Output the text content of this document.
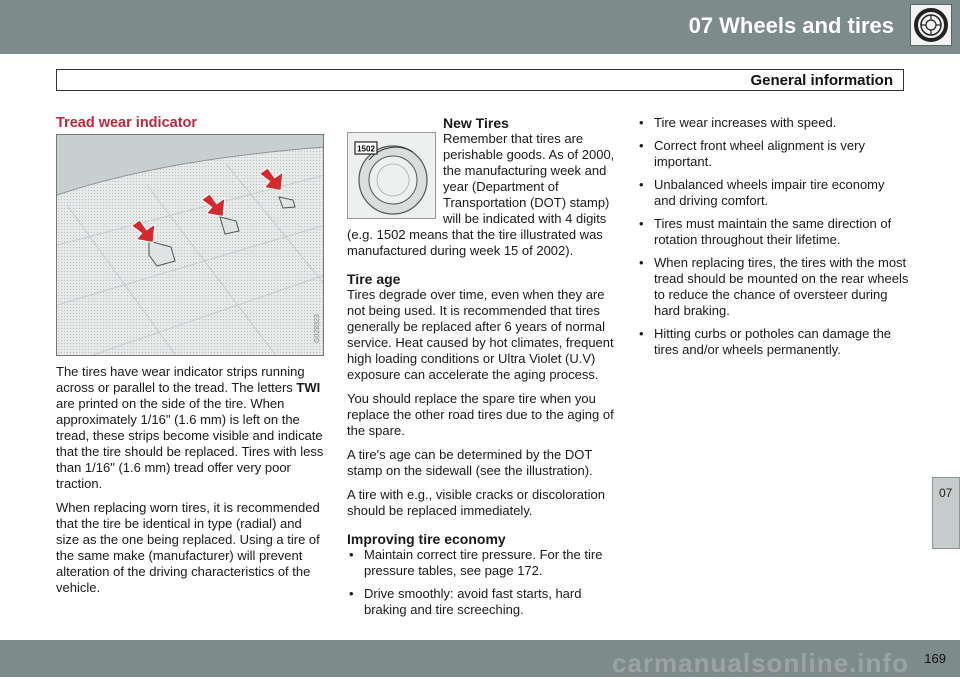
07 Wheels and tires
General information
Tread wear indicator
G028323

The tires have wear indicator strips running across or parallel to the tread. The letters TWI are printed on the side of the tire. When approximately 1/16" (1.6 mm) is left on the tread, these strips become visible and indicate that the tire should be replaced. Tires with less than 1/16" (1.6 mm) tread offer very poor traction.

When replacing worn tires, it is recommended that the tire be identical in type (radial) and size as the one being replaced. Using a tire of the same make (manufacturer) will prevent alteration of the driving characteristics of the vehicle.

1502
New Tires

Remember that tires are perishable goods. As of 2000, the manufacturing week and year (Department of Transportation (DOT) stamp) will be indicated with 4 digits (e.g. 1502 means that the tire illustrated was manufactured during week 15 of 2002).

Tire age

Tires degrade over time, even when they are not being used. It is recommended that tires generally be replaced after 6 years of normal service. Heat caused by hot climates, frequent high loading conditions or Ultra Violet (U.V) exposure can accelerate the aging process.

You should replace the spare tire when you replace the other road tires due to the aging of the spare.

A tire's age can be determined by the DOT stamp on the sidewall (see the illustration).

A tire with e.g., visible cracks or discoloration should be replaced immediately.

Improving tire economy
• Maintain correct tire pressure. For the tire pressure tables, see page 172.
• Drive smoothly: avoid fast starts, hard braking and tire screeching.
• Tire wear increases with speed.
• Correct front wheel alignment is very important.
• Unbalanced wheels impair tire economy and driving comfort.
• Tires must maintain the same direction of rotation throughout their lifetime.
• When replacing tires, the tires with the most tread should be mounted on the rear wheels to reduce the chance of oversteer during hard braking.
• Hitting curbs or potholes can damage the tires and/or wheels permanently.
07
carmanualsonline.info 169
